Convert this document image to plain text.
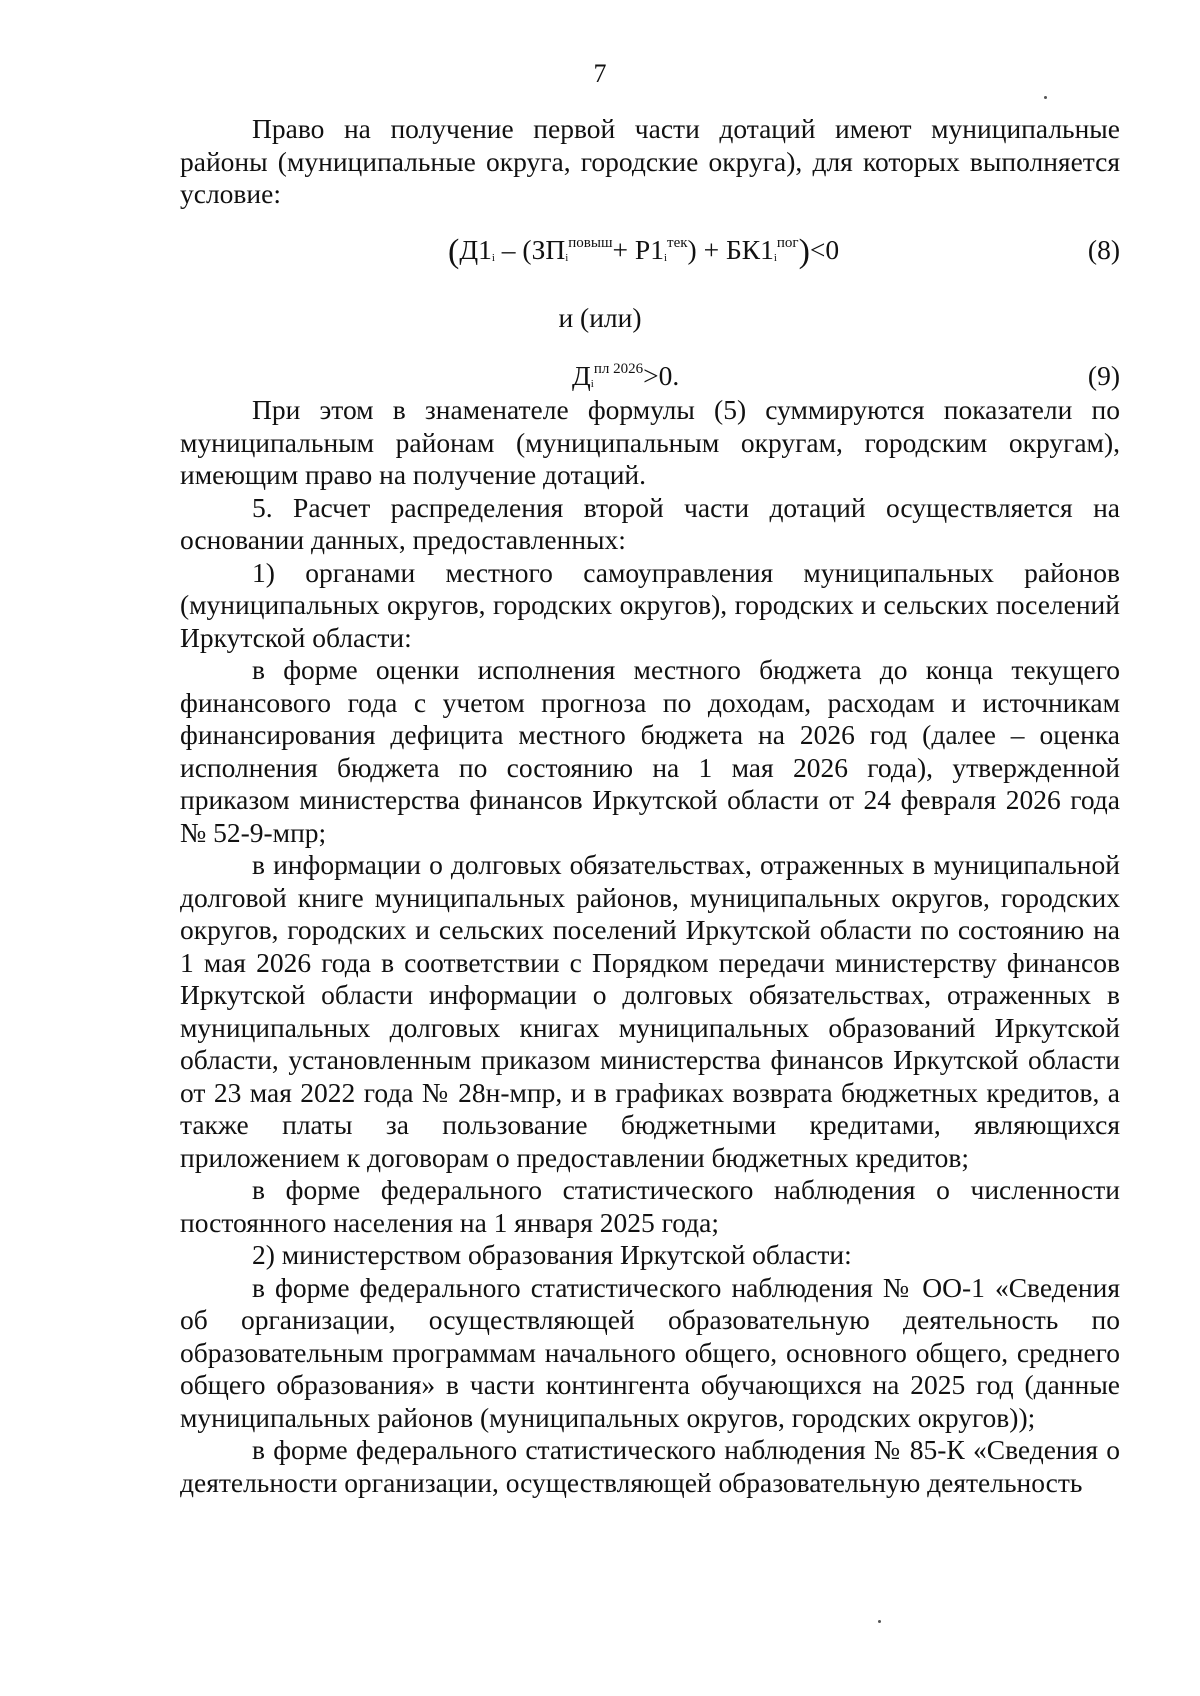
7

Право на получение первой части дотаций имеют муниципальные районы (муниципальные округа, городские округа), для которых выполняется условие:

$(Д1_i - (ЗП_i^{повыш}+ Р1_i^{тек}) + БК1_i^{пог})<0$	(8)
и (или)
$Д_i^{пл 2026}>0$.	(9)

При этом в знаменателе формулы (5) суммируются показатели по муниципальным районам (муниципальным округам, городским округам), имеющим право на получение дотаций.

5. Расчет распределения второй части дотаций осуществляется на основании данных, предоставленных:

1) органами местного самоуправления муниципальных районов (муниципальных округов, городских округов), городских и сельских поселений Иркутской области:

в форме оценки исполнения местного бюджета до конца текущего финансового года с учетом прогноза по доходам, расходам и источникам финансирования дефицита местного бюджета на 2026 год (далее – оценка исполнения бюджета по состоянию на 1 мая 2026 года), утвержденной приказом министерства финансов Иркутской области от 24 февраля 2026 года № 52-9-мпр;

в информации о долговых обязательствах, отраженных в муниципальной долговой книге муниципальных районов, муниципальных округов, городских округов, городских и сельских поселений Иркутской области по состоянию на 1 мая 2026 года в соответствии с Порядком передачи министерству финансов Иркутской области информации о долговых обязательствах, отраженных в муниципальных долговых книгах муниципальных образований Иркутской области, установленным приказом министерства финансов Иркутской области от 23 мая 2022 года № 28н-мпр, и в графиках возврата бюджетных кредитов, а также платы за пользование бюджетными кредитами, являющихся приложением к договорам о предоставлении бюджетных кредитов;

в форме федерального статистического наблюдения о численности постоянного населения на 1 января 2025 года;

2) министерством образования Иркутской области:

в форме федерального статистического наблюдения № ОО-1 «Сведения об организации, осуществляющей образовательную деятельность по образовательным программам начального общего, основного общего, среднего общего образования» в части контингента обучающихся на 2025 год (данные муниципальных районов (муниципальных округов, городских округов));

в форме федерального статистического наблюдения № 85-К «Сведения о деятельности организации, осуществляющей образовательную деятельность
